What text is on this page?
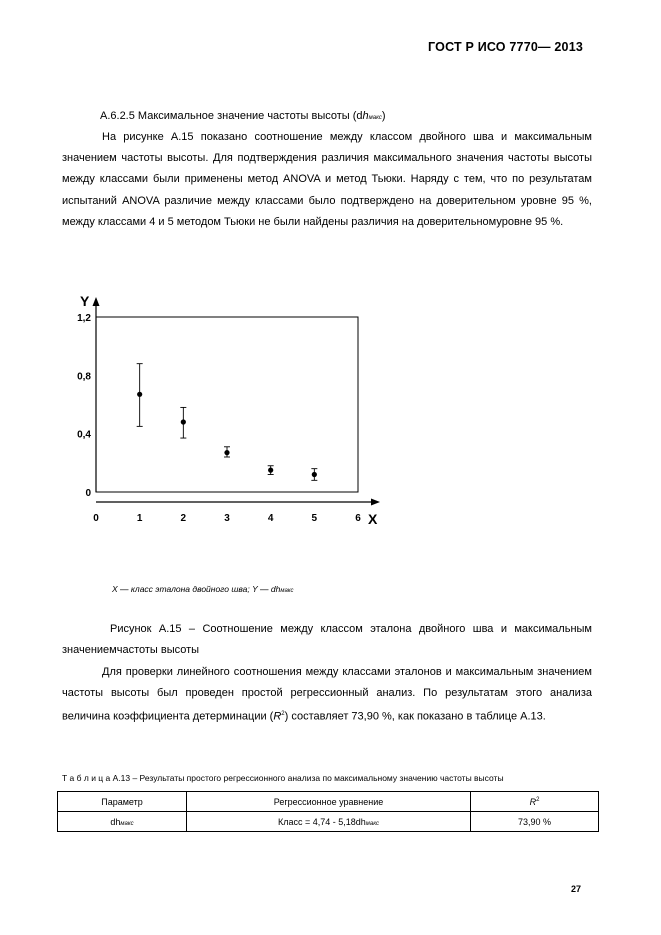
ГОСТ Р ИСО 7770— 2013
А.6.2.5 Максимальное значение частоты высоты (dhмакс)
На рисунке А.15 показано соотношение между классом двойного шва и максимальным значением частоты высоты. Для подтверждения различия максимального значения частоты высоты между классами были применены метод ANOVA и метод Тьюки. Наряду с тем, что по результатам испытаний ANOVA различие между классами было подтверждено на доверительном уровне 95 %, между классами 4 и 5 методом Тьюки не были найдены различия на доверительномуровне 95 %.
Y
X
0	1	2	3	4	5	6
0
0,4
0,8
1,2
X — класс эталона двойного шва; Y — dhмакс
Рисунок А.15 – Соотношение между классом эталона двойного шва и максимальным значениемчастоты высоты
Для проверки линейного соотношения между классами эталонов и максимальным значением частоты высоты был проведен простой регрессионный анализ. По результатам этого анализа величина коэффициента детерминации $(R^2)$ составляет 73,90 %, как показано в таблице А.13.
Т а б л и ц а А.13 – Результаты простого регрессионного анализа по максимальному значению частоты высоты
Параметр	Регрессионное уравнение	$R^2$
dhмакс	Класс = 4,74 - 5,18dhмакс	73,90 %
27
